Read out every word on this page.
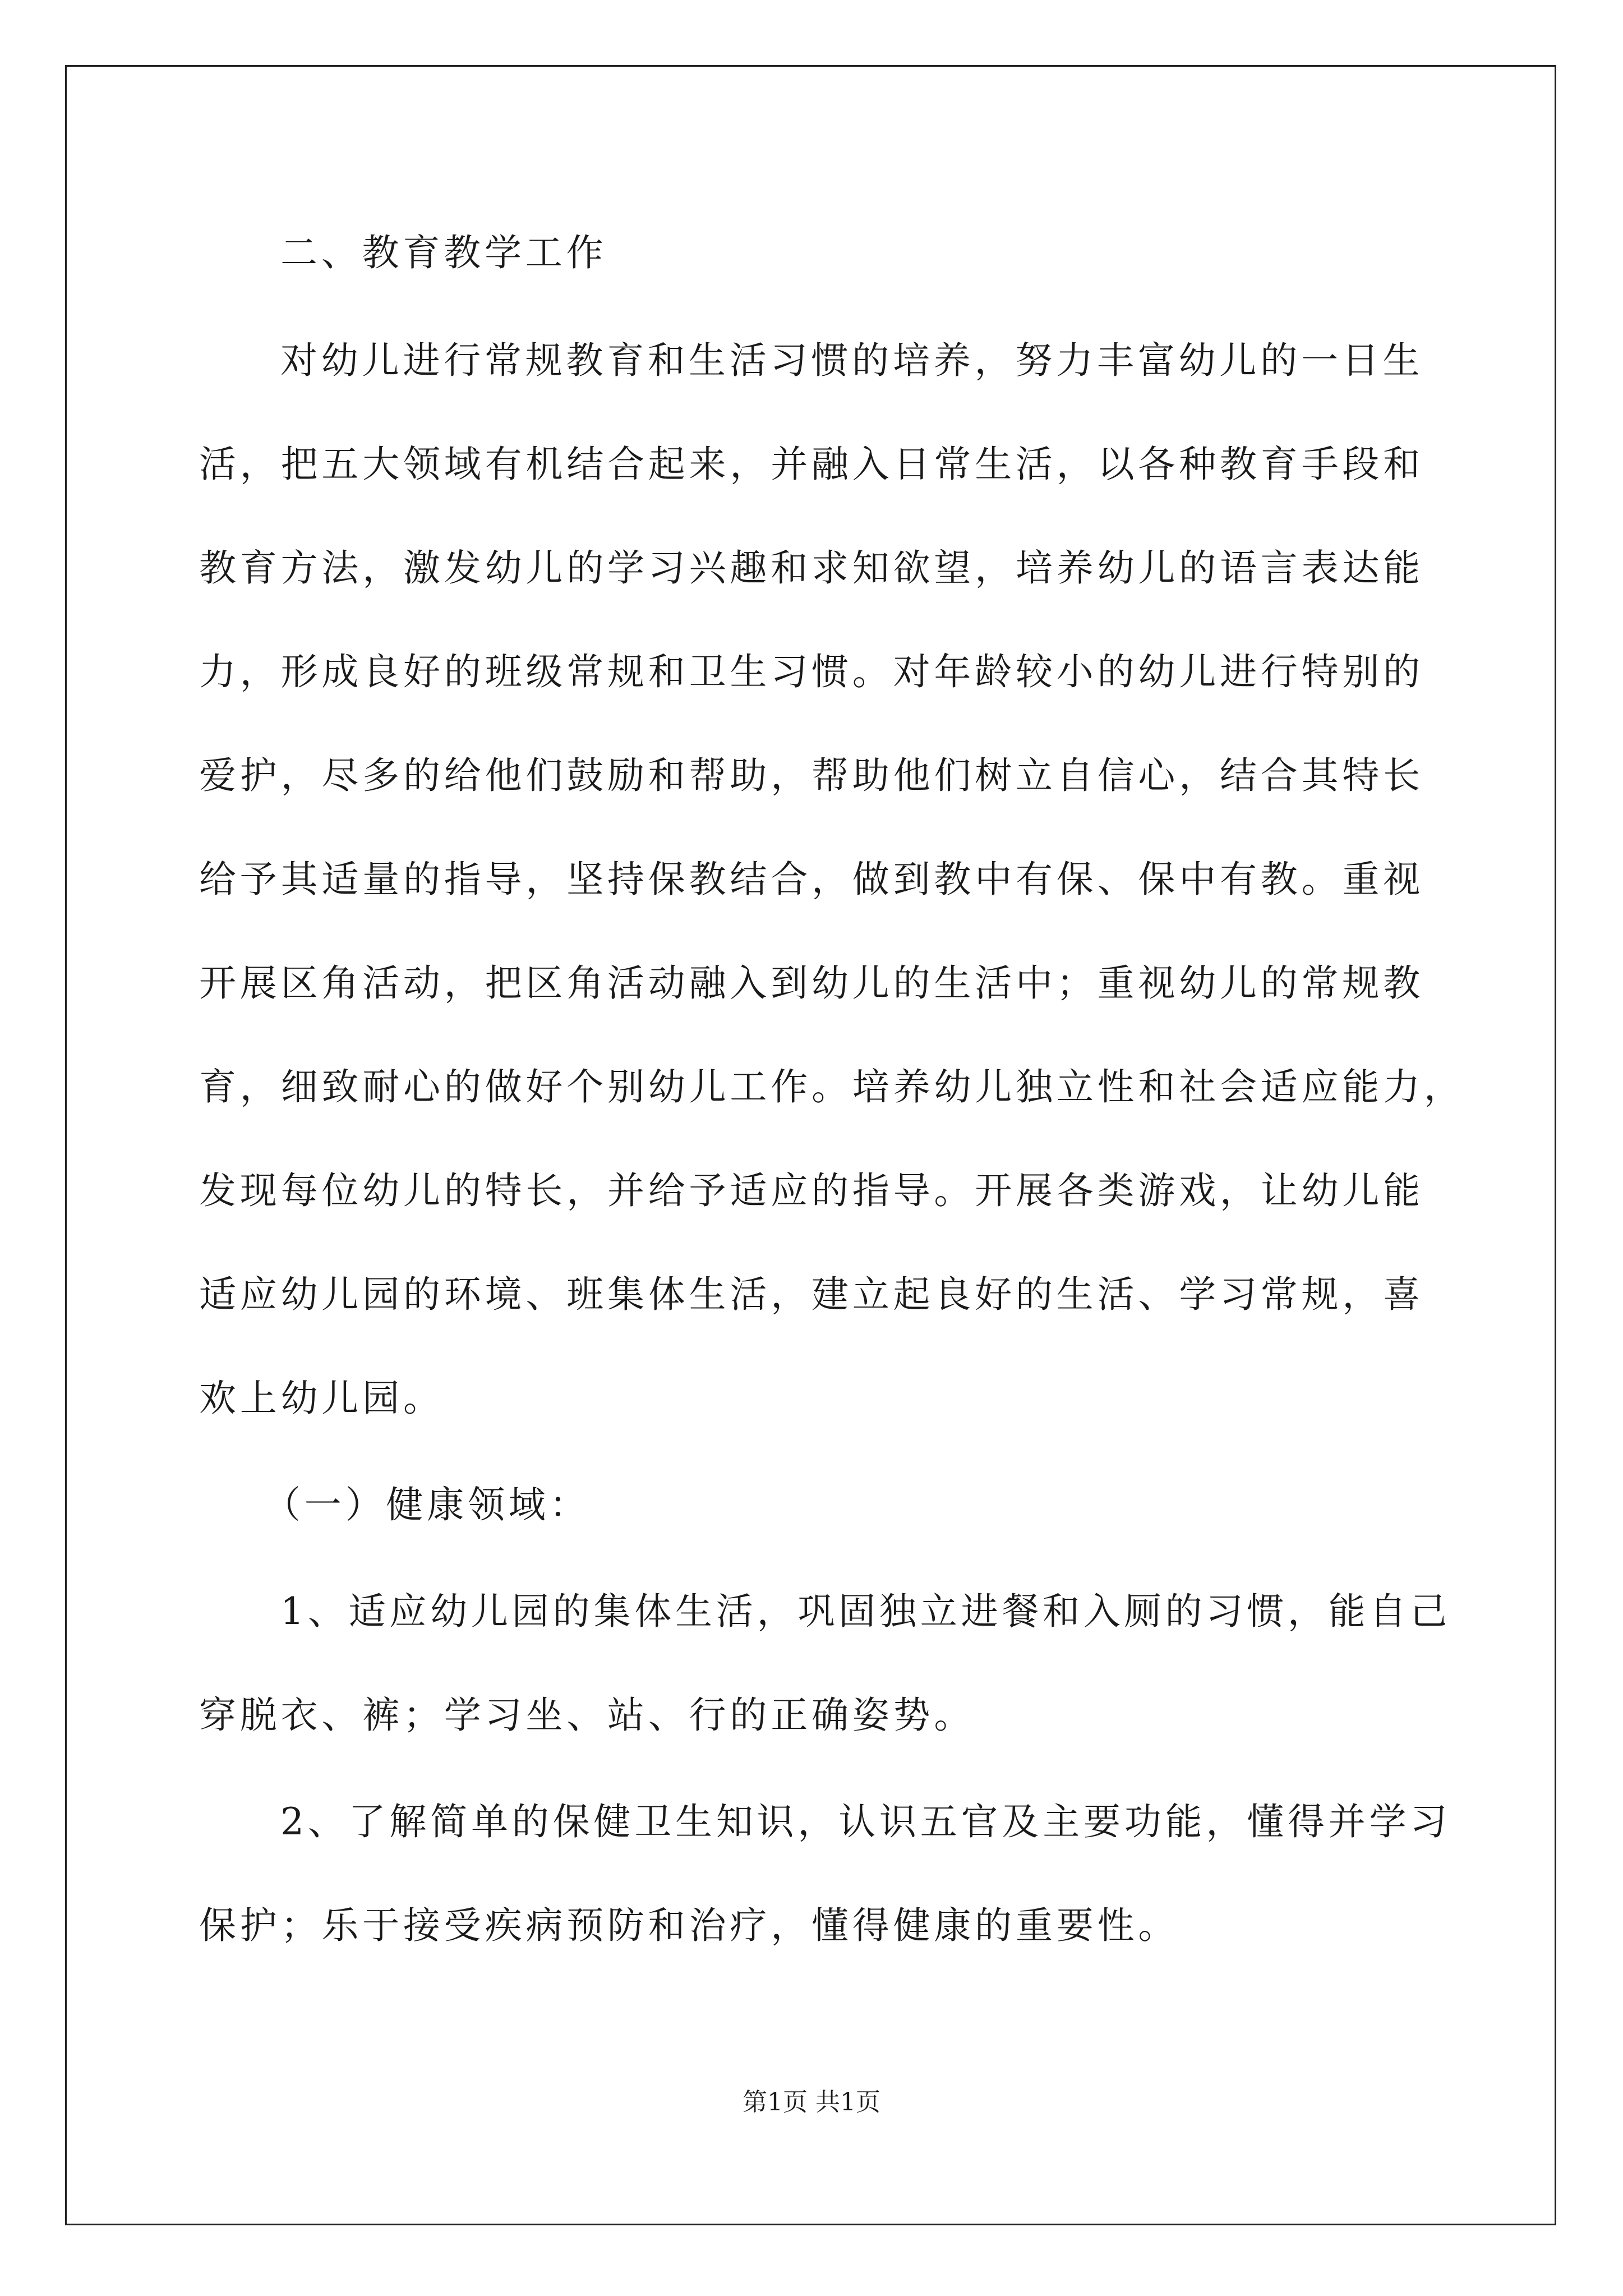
二、教育教学工作

对幼儿进行常规教育和生活习惯的培养，努力丰富幼儿的一日生

活，把五大领域有机结合起来，并融入日常生活，以各种教育手段和

教育方法，激发幼儿的学习兴趣和求知欲望，培养幼儿的语言表达能

力，形成良好的班级常规和卫生习惯。对年龄较小的幼儿进行特别的

爱护，尽多的给他们鼓励和帮助，帮助他们树立自信心，结合其特长

给予其适量的指导，坚持保教结合，做到教中有保、保中有教。重视

开展区角活动，把区角活动融入到幼儿的生活中；重视幼儿的常规教

育，细致耐心的做好个别幼儿工作。培养幼儿独立性和社会适应能力，

发现每位幼儿的特长，并给予适应的指导。开展各类游戏，让幼儿能

适应幼儿园的环境、班集体生活，建立起良好的生活、学习常规，喜

欢上幼儿园。

（一）健康领域：

1、适应幼儿园的集体生活，巩固独立进餐和入厕的习惯，能自己

穿脱衣、裤；学习坐、站、行的正确姿势。

2、了解简单的保健卫生知识，认识五官及主要功能，懂得并学习

保护；乐于接受疾病预防和治疗，懂得健康的重要性。

第1页 共1页
